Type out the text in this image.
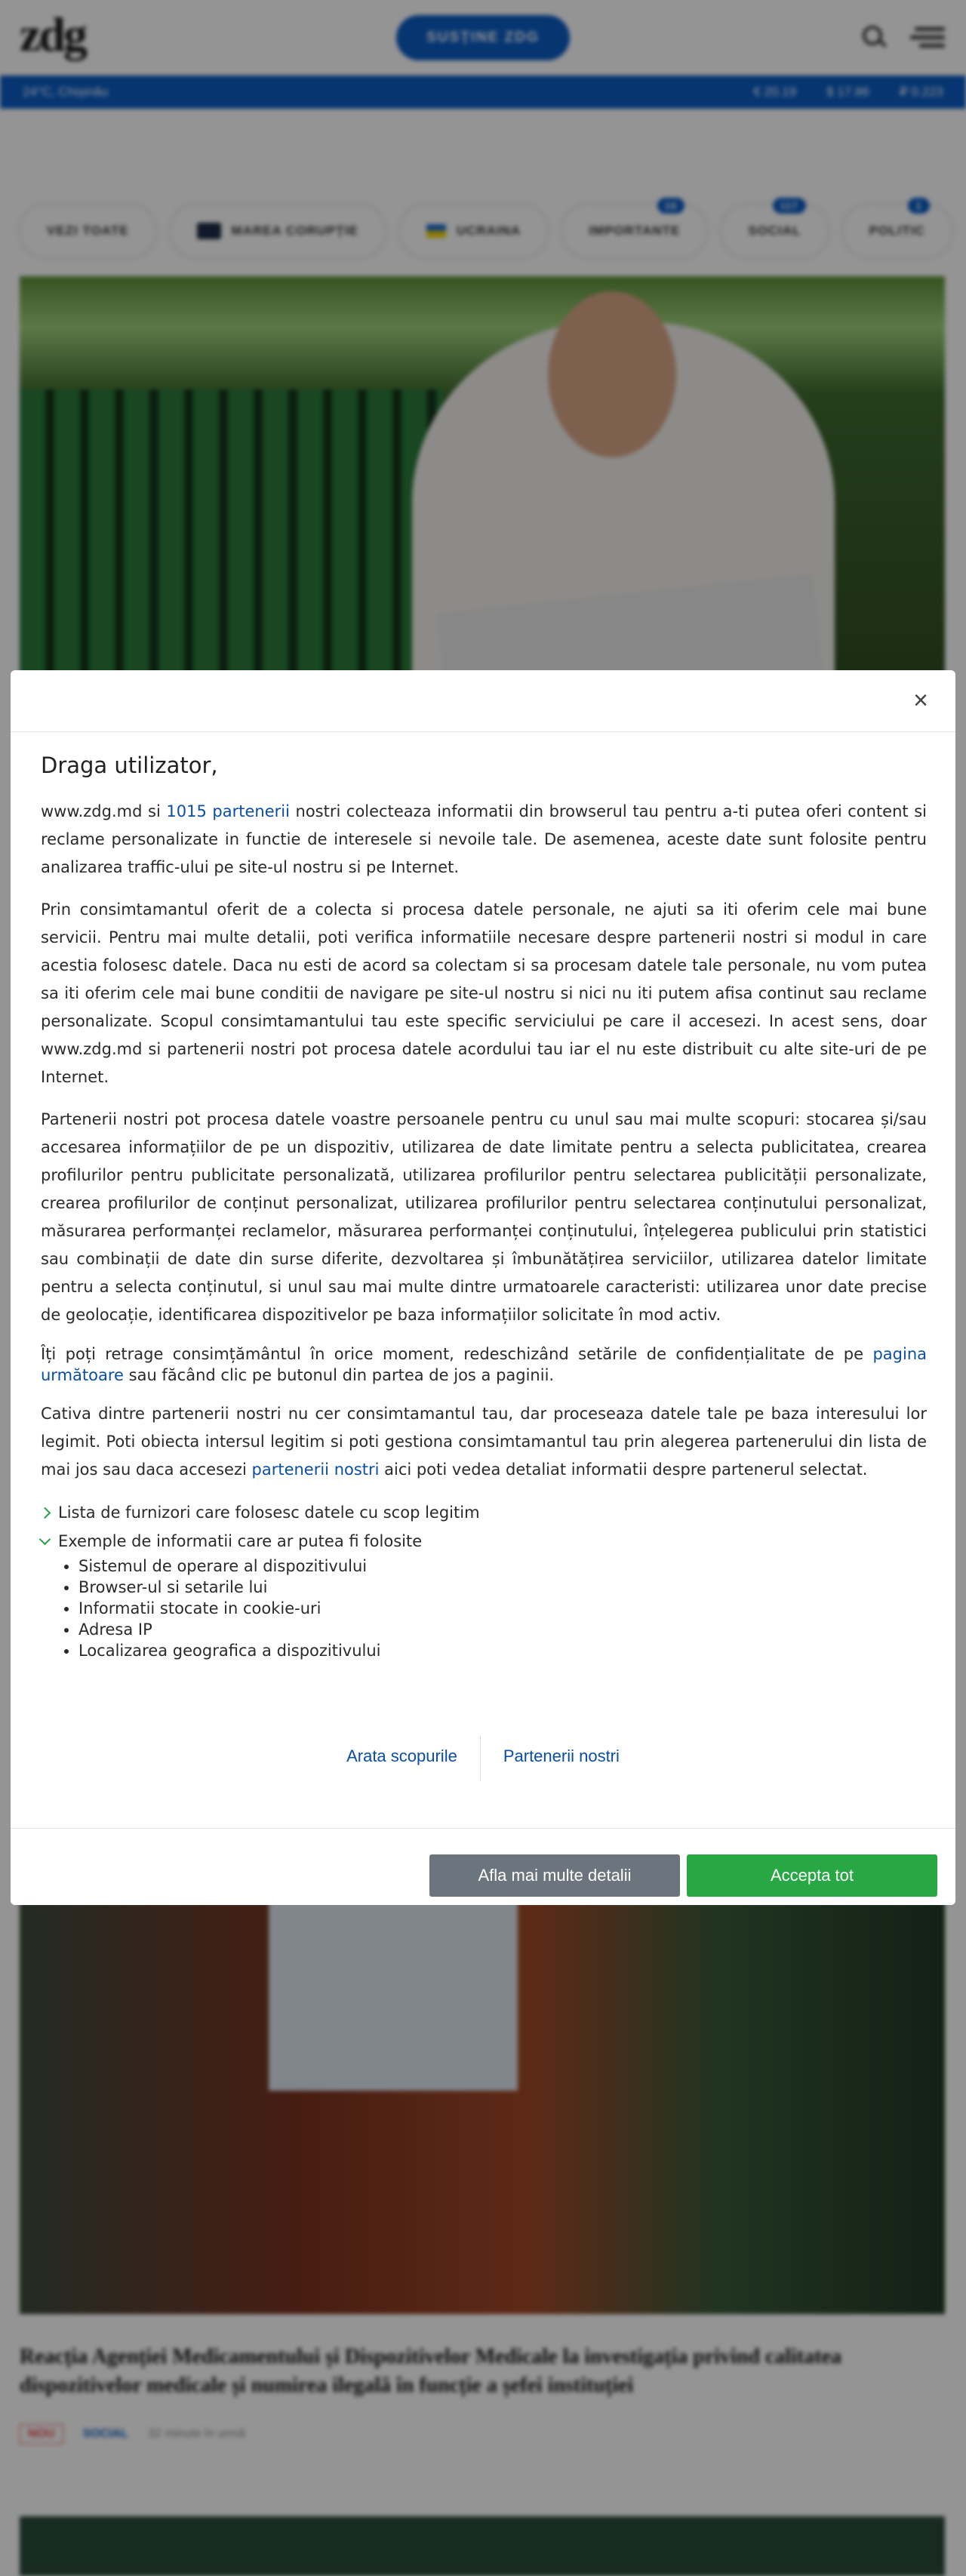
zdg	SUSȚINE ZDG
24°C, Chișinău	€ 20.19 $ 17.86 ₽ 0.223
VEZI TOATE	MAREA CORUPȚIE	UCRAINA	IMPORTANTE
16
SOCIAL
117
POLITIC
1
Reacția Agenției Medicamentului și Dispozitivelor Medicale la investigația privind calitatea dispozitivelor medicale și numirea ilegală în funcție a șefei instituției
NOU	SOCIAL 32 minute în urmă
×
Draga utilizator,

www.zdg.md si 1015 partenerii nostri colecteaza informatii din browserul tau pentru a-ti putea oferi content si reclame personalizate in functie de interesele si nevoile tale. De asemenea, aceste date sunt folosite pentru analizarea traffic-ului pe site-ul nostru si pe Internet.

Prin consimtamantul oferit de a colecta si procesa datele personale, ne ajuti sa iti oferim cele mai bune servicii. Pentru mai multe detalii, poti verifica informatiile necesare despre partenerii nostri si modul in care acestia folosesc datele. Daca nu esti de acord sa colectam si sa procesam datele tale personale, nu vom putea sa iti oferim cele mai bune conditii de navigare pe site-ul nostru si nici nu iti putem afisa continut sau reclame personalizate. Scopul consimtamantului tau este specific serviciului pe care il accesezi. In acest sens, doar www.zdg.md si partenerii nostri pot procesa datele acordului tau iar el nu este distribuit cu alte site-uri de pe Internet.

Partenerii nostri pot procesa datele voastre persoanele pentru cu unul sau mai multe scopuri: stocarea și/sau accesarea informațiilor de pe un dispozitiv, utilizarea de date limitate pentru a selecta publicitatea, crearea profilurilor pentru publicitate personalizată, utilizarea profilurilor pentru selectarea publicității personalizate, crearea profilurilor de conținut personalizat, utilizarea profilurilor pentru selectarea conținutului personalizat, măsurarea performanței reclamelor, măsurarea performanței conținutului, înțelegerea publicului prin statistici sau combinații de date din surse diferite, dezvoltarea și îmbunătățirea serviciilor, utilizarea datelor limitate pentru a selecta conținutul, si unul sau mai multe dintre urmatoarele caracteristi: utilizarea unor date precise de geolocație, identificarea dispozitivelor pe baza informațiilor solicitate în mod activ.

Îți poți retrage consimțământul în orice moment, redeschizând setările de confidențialitate de pe pagina următoare sau făcând clic pe butonul din partea de jos a paginii.

Cativa dintre partenerii nostri nu cer consimtamantul tau, dar proceseaza datele tale pe baza interesului lor legimit. Poti obiecta intersul legitim si poti gestiona consimtamantul tau prin alegerea partenerului din lista de mai jos sau daca accesezi partenerii nostri aici poti vedea detaliat informatii despre partenerul selectat.

Lista de furnizori care folosesc datele cu scop legitim
Exemple de informatii care ar putea fi folosite
• Sistemul de operare al dispozitivului
• Browser-ul si setarile lui
• Informatii stocate in cookie-uri
• Adresa IP
• Localizarea geografica a dispozitivului
Arata scopurile	Partenerii nostri
Afla mai multe detalii	Accepta tot
